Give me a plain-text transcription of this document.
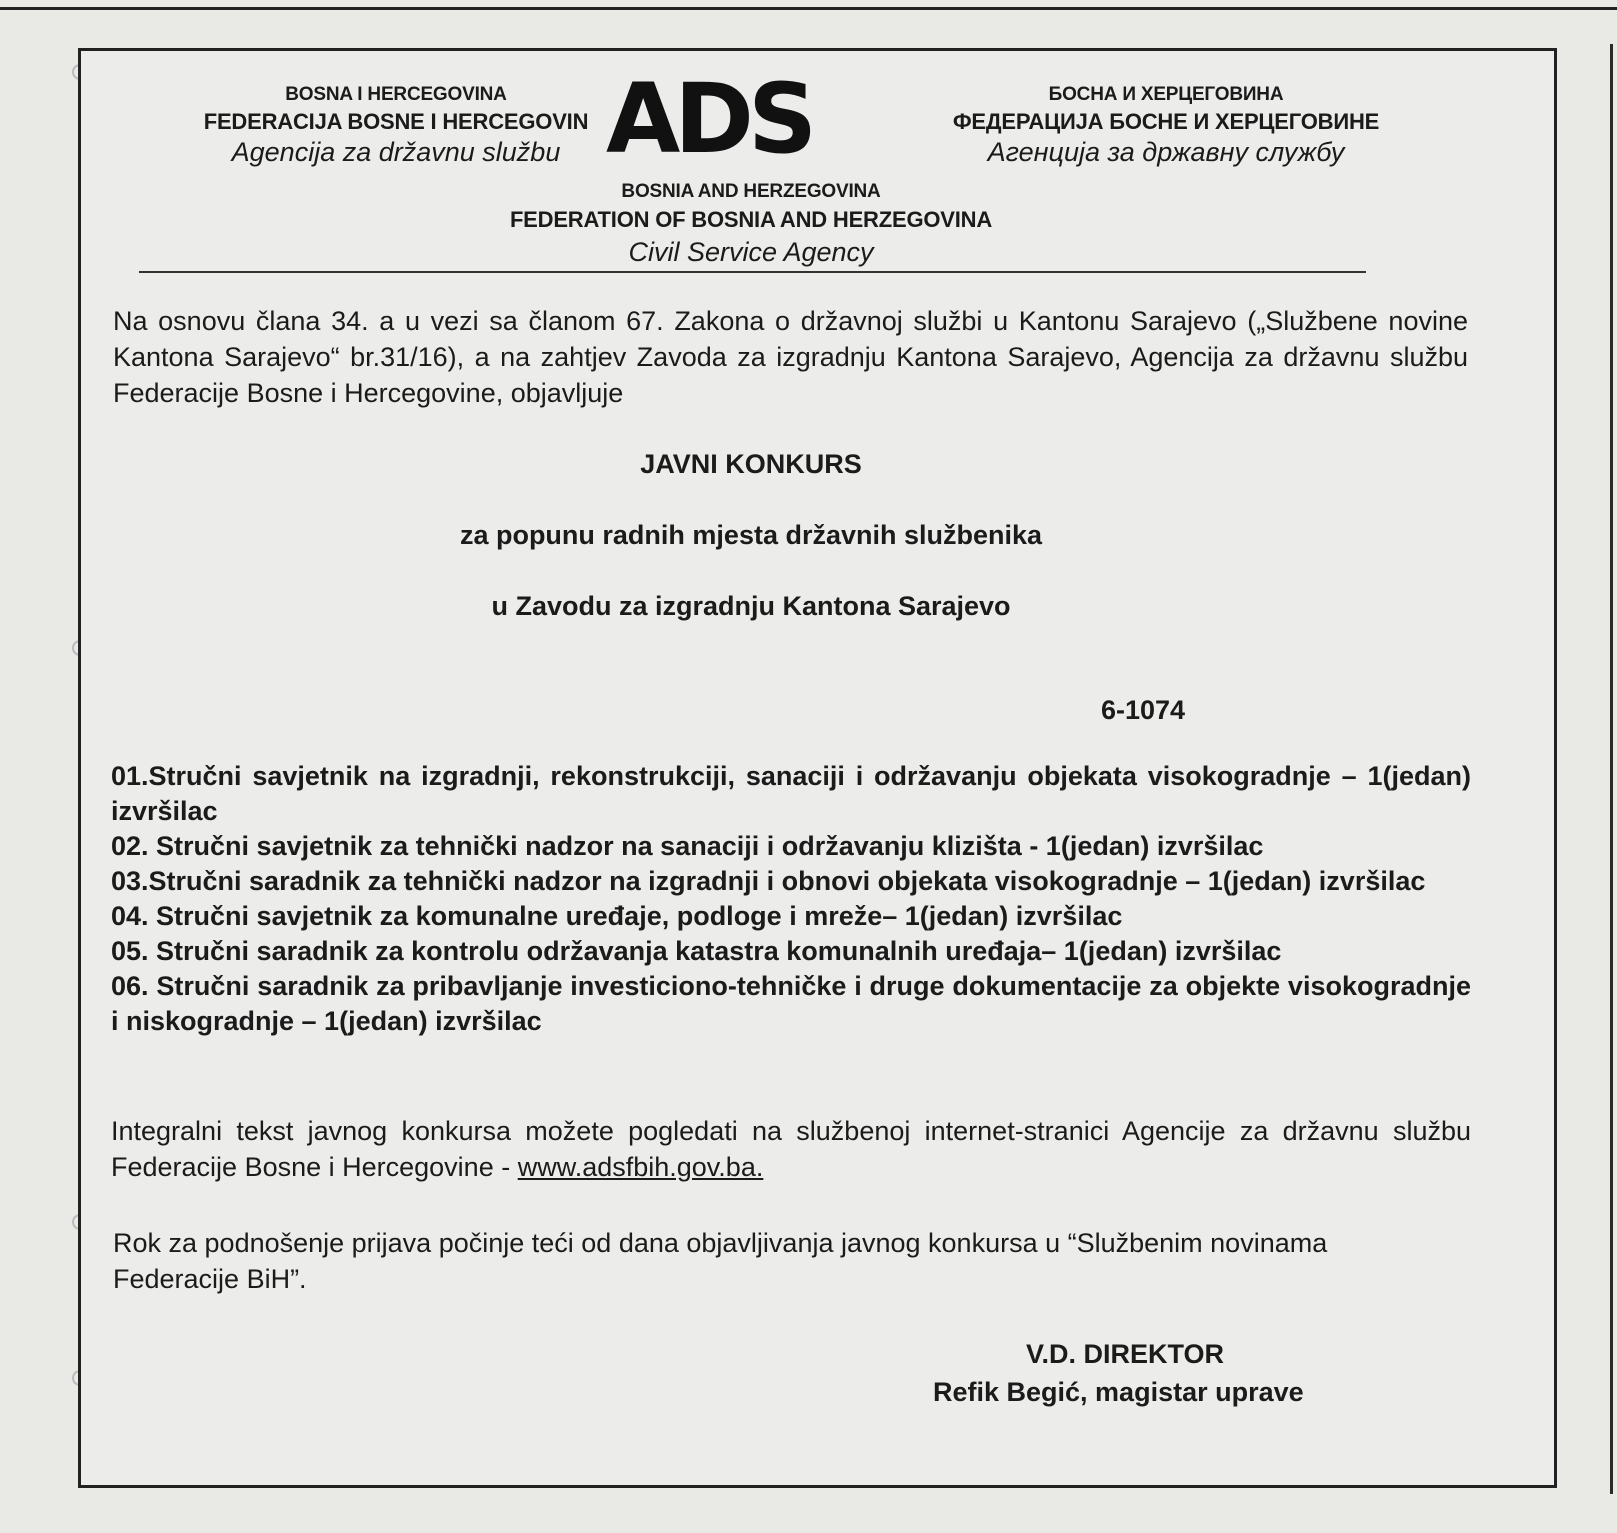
BOSNA I HERCEGOVINA
FEDERACIJA BOSNE I HERCEGOVIN
Agencija za državnu službu ADS	БОСНА И ХЕРЦЕГОВИНА
ФЕДЕРАЦИЈА БОСНЕ И ХЕРЦЕГОВИНЕ
Агенција за државну службу
BOSNIA AND HERZEGOVINA
FEDERATION OF BOSNIA AND HERZEGOVINA
Civil Service Agency
Na osnovu člana 34. a u vezi sa članom 67. Zakona o državnoj službi u Kantonu Sarajevo („Službene novine Kantona Sarajevo“ br.31/16), a na zahtjev Zavoda za izgradnju Kantona Sarajevo, Agencija za državnu službu Federacije Bosne i Hercegovine, objavljuje
JAVNI KONKURS
za popunu radnih mjesta državnih službenika
u Zavodu za izgradnju Kantona Sarajevo
6-1074

01.Stručni savjetnik na izgradnji, rekonstrukciji, sanaciji i održavanju objekata visokogradnje – 1(jedan) izvršilac

02. Stručni savjetnik za tehnički nadzor na sanaciji i održavanju klizišta - 1(jedan) izvršilac

03.Stručni saradnik za tehnički nadzor na izgradnji i obnovi objekata visokogradnje – 1(jedan) izvršilac

04. Stručni savjetnik za komunalne uređaje, podloge i mreže– 1(jedan) izvršilac

05. Stručni saradnik za kontrolu održavanja katastra komunalnih uređaja– 1(jedan) izvršilac

06. Stručni saradnik za pribavljanje investiciono-tehničke i druge dokumentacije za objekte visokogradnje i niskogradnje – 1(jedan) izvršilac

Integralni tekst javnog konkursa možete pogledati na službenoj internet-stranici Agencije za državnu službu Federacije Bosne i Hercegovine - www.adsfbih.gov.ba.
Rok za podnošenje prijava počinje teći od dana objavljivanja javnog konkursa u “Službenim novinama Federacije BiH”.
V.D. DIREKTOR
Refik Begić, magistar uprave
